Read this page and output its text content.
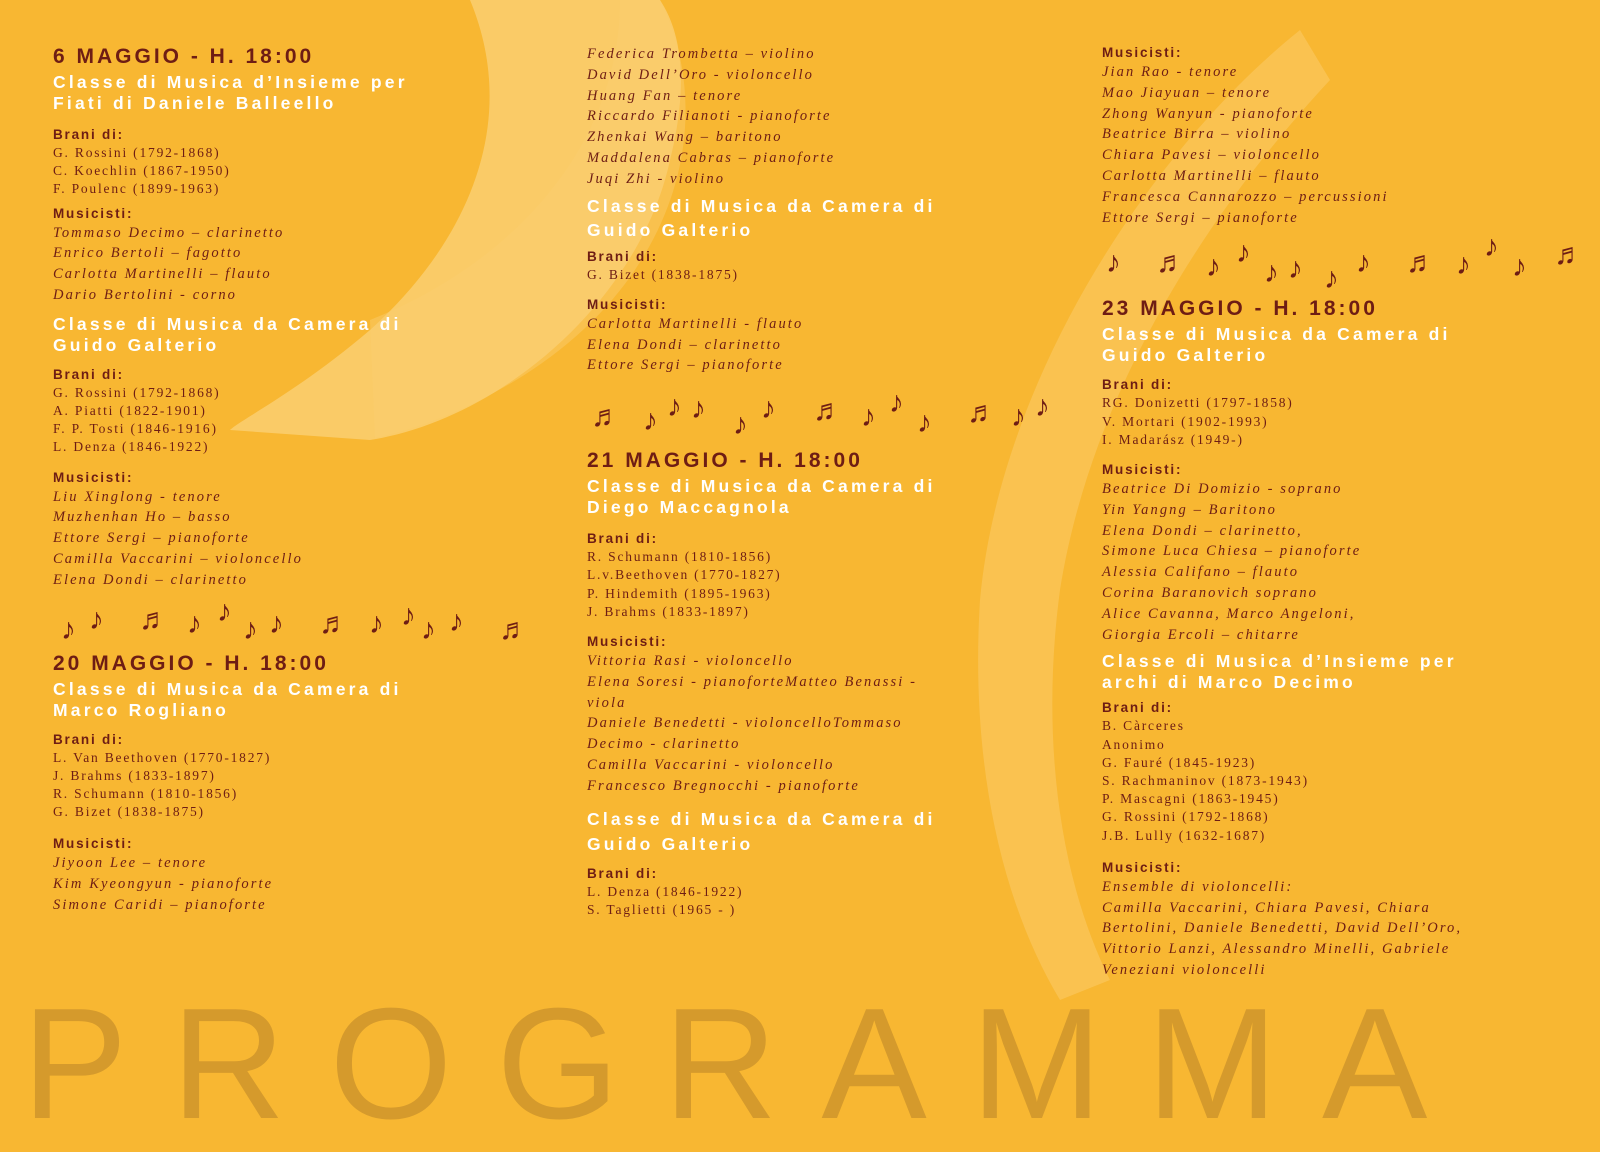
PROGRAMMA
6 MAGGIO - H. 18:00
Classe di Musica d’Insieme per
Fiati di Daniele Balleello
Brani di:
G. Rossini (1792-1868)
C. Koechlin (1867-1950)
F. Poulenc (1899-1963)
Musicisti:
Tommaso Decimo – clarinetto
Enrico Bertoli – fagotto
Carlotta Martinelli – flauto
Dario Bertolini - corno
Classe di Musica da Camera di
Guido Galterio
Brani di:
G. Rossini (1792-1868)
A. Piatti (1822-1901)
F. P. Tosti (1846-1916)
L. Denza (1846-1922)
Musicisti:
Liu Xinglong - tenore
Muzhenhan Ho – basso
Ettore Sergi – pianoforte
Camilla Vaccarini – violoncello
Elena Dondi – clarinetto
♪ ♪ ♬ ♪ ♪
♪ ♪ ♬ ♪ ♪ ♪ ♪ ♬
20 MAGGIO - H. 18:00
Classe di Musica da Camera di
Marco Rogliano
Brani di:
L. Van Beethoven (1770-1827)
J. Brahms (1833-1897)
R. Schumann (1810-1856)
G. Bizet (1838-1875)
Musicisti:
Jiyoon Lee – tenore
Kim Kyeongyun - pianoforte
Simone Caridi – pianoforte
Federica Trombetta – violino
David Dell’Oro - violoncello
Huang Fan – tenore
Riccardo Filianoti - pianoforte
Zhenkai Wang – baritono
Maddalena Cabras – pianoforte
Juqi Zhi - violino
Classe di Musica da Camera di
Guido Galterio
Brani di:
G. Bizet (1838-1875)
Musicisti:
Carlotta Martinelli - flauto
Elena Dondi – clarinetto
Ettore Sergi – pianoforte
♬ ♪ ♪ ♪ ♪ ♪ ♬ ♪ ♪
♪ ♬ ♪ ♪
21 MAGGIO - H. 18:00
Classe di Musica da Camera di
Diego Maccagnola
Brani di:
R. Schumann (1810-1856)
L.v.Beethoven (1770-1827)
P. Hindemith (1895-1963)
J. Brahms (1833-1897)
Musicisti:
Vittoria Rasi - violoncello
Elena Soresi - pianoforteMatteo Benassi -
viola
Daniele Benedetti - violoncelloTommaso
Decimo - clarinetto
Camilla Vaccarini - violoncello
Francesco Bregnocchi - pianoforte
Classe di Musica da Camera di
Guido Galterio
Brani di:
L. Denza (1846-1922)
S. Taglietti (1965 - )
Musicisti:
Jian Rao - tenore
Mao Jiayuan – tenore
Zhong Wanyun - pianoforte
Beatrice Birra – violino
Chiara Pavesi – violoncello
Carlotta Martinelli – flauto
Francesca Cannarozzo – percussioni
Ettore Sergi – pianoforte
♪ ♬ ♪ ♪
♪ ♪ ♪ ♪ ♬ ♪
♪
♪ ♬
23 MAGGIO - H. 18:00
Classe di Musica da Camera di
Guido Galterio
Brani di:
RG. Donizetti (1797-1858)
V. Mortari (1902-1993)
I. Madarász (1949-)
Musicisti:
Beatrice Di Domizio - soprano
Yin Yangng – Baritono
Elena Dondi – clarinetto,
Simone Luca Chiesa – pianoforte
Alessia Califano – flauto
Corina Baranovich soprano
Alice Cavanna, Marco Angeloni,
Giorgia Ercoli – chitarre
Classe di Musica d’Insieme per
archi di Marco Decimo
Brani di:
B. Càrceres
Anonimo
G. Fauré (1845-1923)
S. Rachmaninov (1873-1943)
P. Mascagni (1863-1945)
G. Rossini (1792-1868)
J.B. Lully (1632-1687)
Musicisti:
Ensemble di violoncelli:
Camilla Vaccarini, Chiara Pavesi, Chiara
Bertolini, Daniele Benedetti, David Dell’Oro,
Vittorio Lanzi, Alessandro Minelli, Gabriele
Veneziani violoncelli
